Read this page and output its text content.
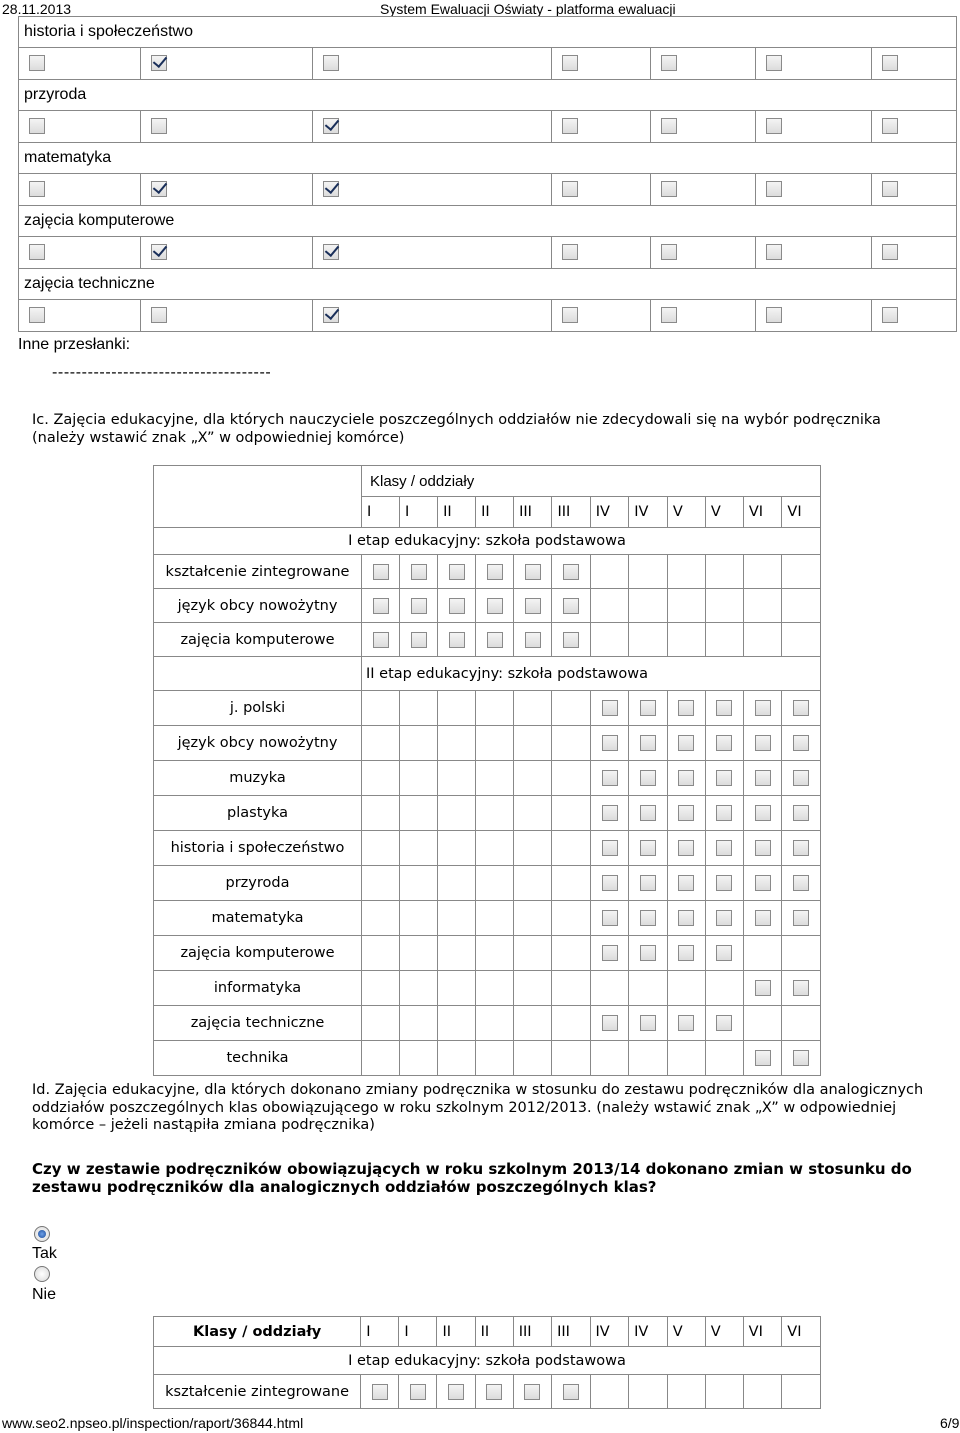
28.11.2013	System Ewaluacji Oświaty - platforma ewaluacji
historia i społeczeństwo						

przyroda						

matematyka						

zajęcia komputerowe						

zajęcia techniczne						

Inne przesłanki:
-------------------------------------
Ic. Zajęcia edukacyjne, dla których nauczyciele poszczególnych oddziałów nie zdecydowali się na wybór podręcznika (należy wstawić znak „X” w odpowiedniej komórce)
	Klasy / oddziały											
	I	I	II	II	III	III	IV	IV	V	V	VI	VI
I etap edukacyjny: szkoła podstawowa												
kształcenie zintegrowane												
język obcy nowożytny												
zajęcia komputerowe												
	II etap edukacyjny: szkoła podstawowa											
j. polski												
język obcy nowożytny												
muzyka												
plastyka												
historia i społeczeństwo												
przyroda												
matematyka												
zajęcia komputerowe												
informatyka												
zajęcia techniczne												
technika												
Id. Zajęcia edukacyjne, dla których dokonano zmiany podręcznika w stosunku do zestawu podręczników dla analogicznych oddziałów poszczególnych klas obowiązującego w roku szkolnym 2012/2013. (należy wstawić znak „X” w odpowiedniej komórce – jeżeli nastąpiła zmiana podręcznika)
Czy w zestawie podręczników obowiązujących w roku szkolnym 2013/14 dokonano zmian w stosunku do zestawu podręczników dla analogicznych oddziałów poszczególnych klas?
Tak
Nie
Klasy / oddziały	I	I	II	II	III	III	IV	IV	V	V	VI	VI
I etap edukacyjny: szkoła podstawowa												
kształcenie zintegrowane												
www.seo2.npseo.pl/inspection/raport/36844.html	6/9
